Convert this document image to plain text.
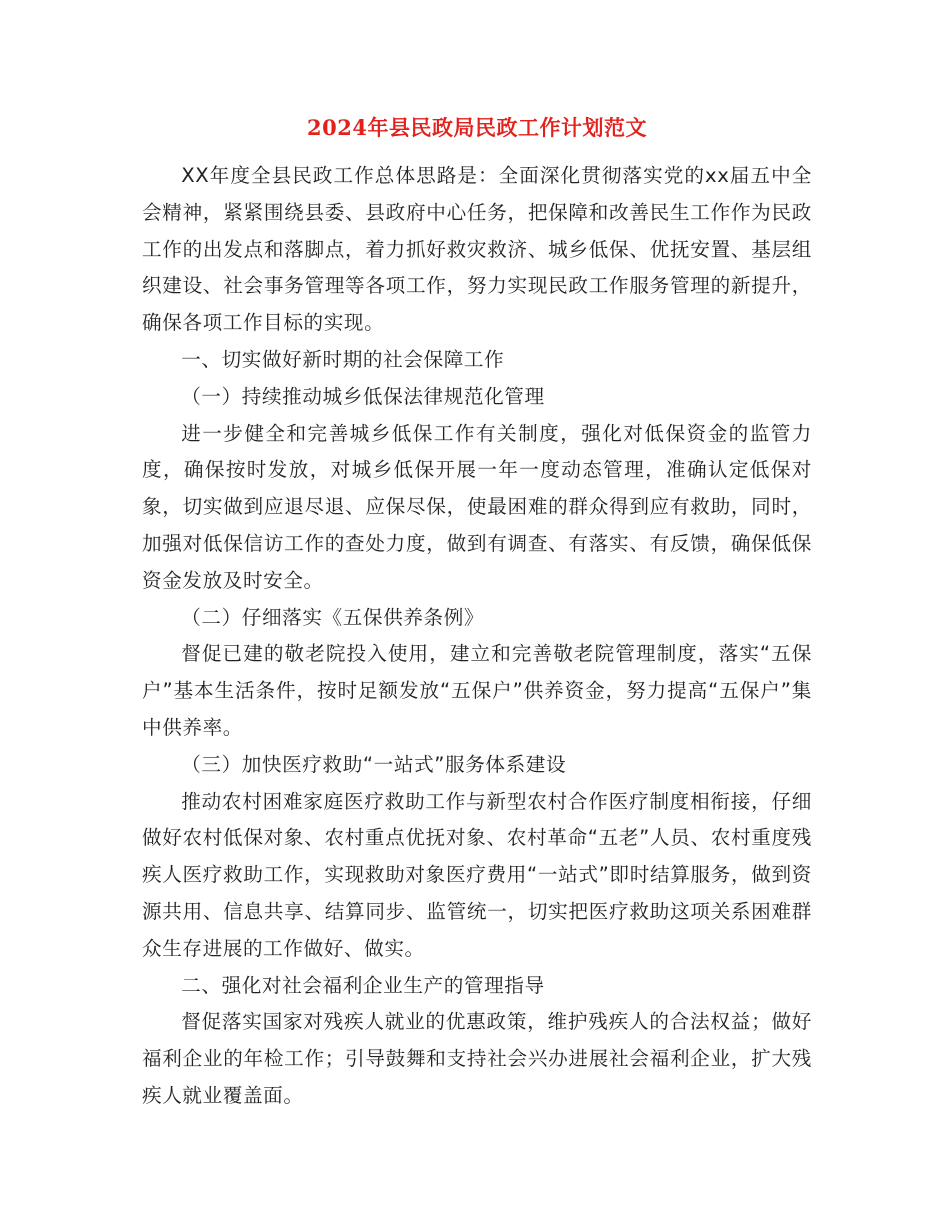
2024年县民政局民政工作计划范文

XX年度全县民政工作总体思路是：全面深化贯彻落实党的xx届五中全会精神，紧紧围绕县委、县政府中心任务，把保障和改善民生工作作为民政工作的出发点和落脚点，着力抓好救灾救济、城乡低保、优抚安置、基层组织建设、社会事务管理等各项工作，努力实现民政工作服务管理的新提升，确保各项工作目标的实现。

一、切实做好新时期的社会保障工作

（一）持续推动城乡低保法律规范化管理

进一步健全和完善城乡低保工作有关制度，强化对低保资金的监管力度，确保按时发放，对城乡低保开展一年一度动态管理，准确认定低保对象，切实做到应退尽退、应保尽保，使最困难的群众得到应有救助，同时，加强对低保信访工作的查处力度，做到有调查、有落实、有反馈，确保低保资金发放及时安全。

（二）仔细落实《五保供养条例》

督促已建的敬老院投入使用，建立和完善敬老院管理制度，落实“五保户”基本生活条件，按时足额发放“五保户”供养资金，努力提高“五保户”集中供养率。

（三）加快医疗救助“一站式”服务体系建设

推动农村困难家庭医疗救助工作与新型农村合作医疗制度相衔接，仔细做好农村低保对象、农村重点优抚对象、农村革命“五老”人员、农村重度残疾人医疗救助工作，实现救助对象医疗费用“一站式”即时结算服务，做到资源共用、信息共享、结算同步、监管统一，切实把医疗救助这项关系困难群众生存进展的工作做好、做实。

二、强化对社会福利企业生产的管理指导

督促落实国家对残疾人就业的优惠政策，维护残疾人的合法权益；做好福利企业的年检工作；引导鼓舞和支持社会兴办进展社会福利企业，扩大残疾人就业覆盖面。
